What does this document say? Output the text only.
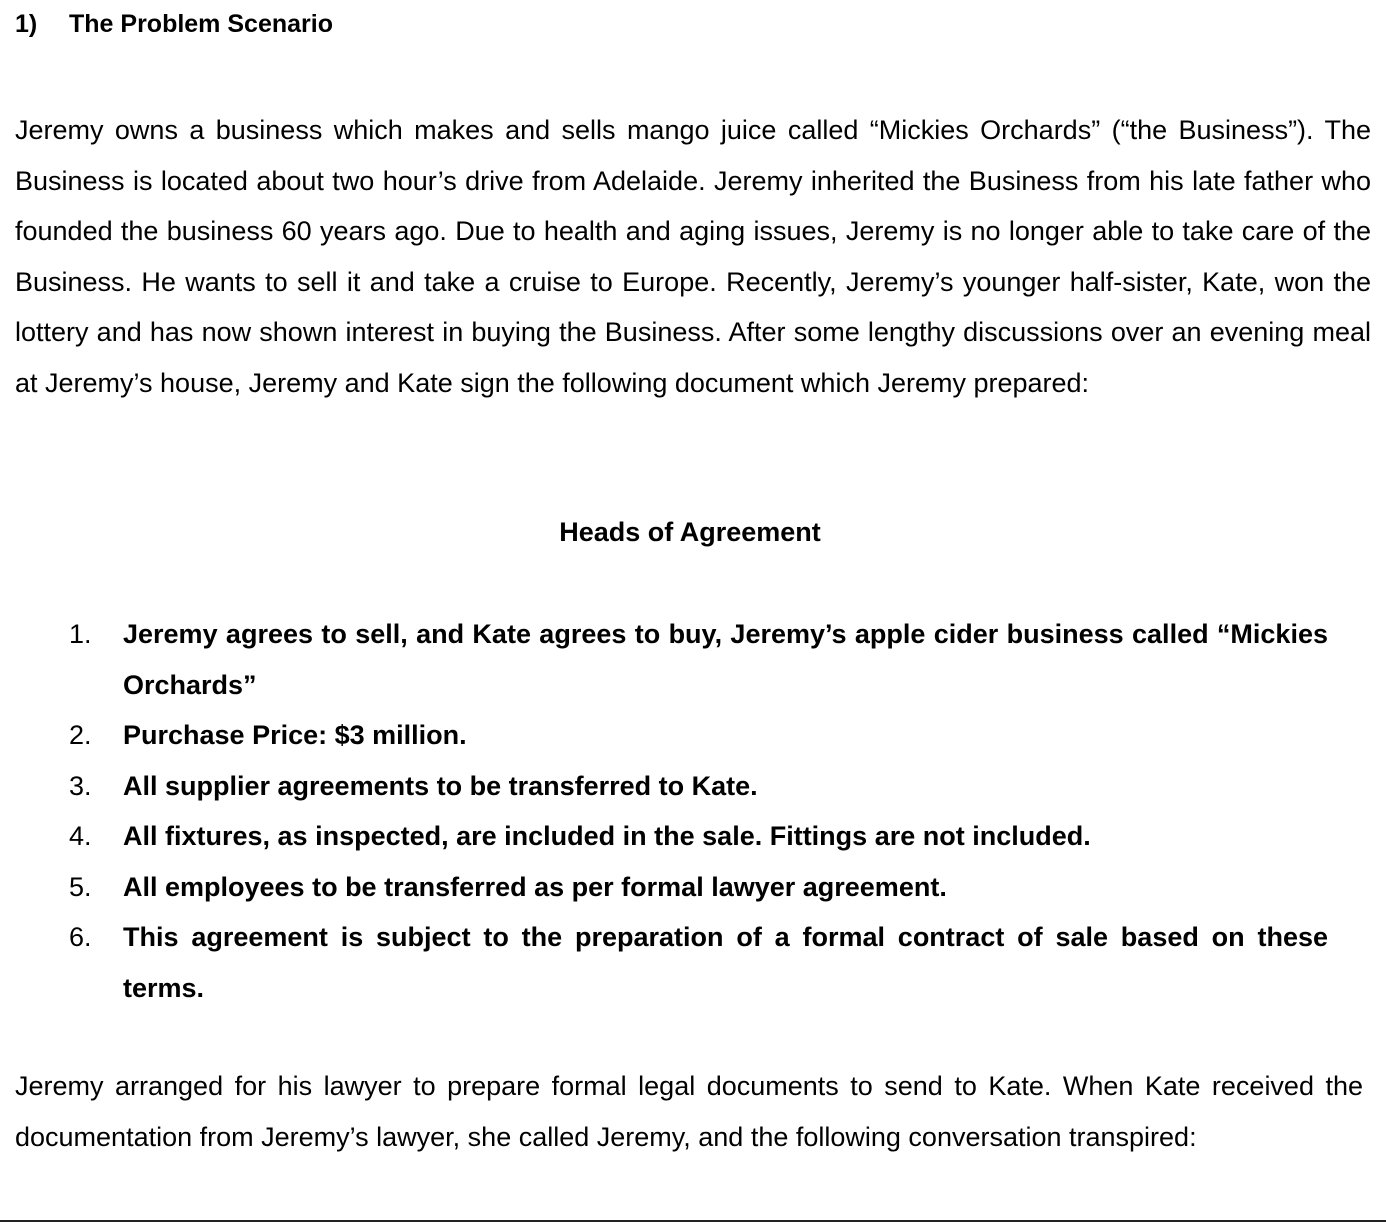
1) The Problem Scenario

Jeremy owns a business which makes and sells mango juice called “Mickies Orchards” (“the Business”). The Business is located about two hour’s drive from Adelaide. Jeremy inherited the Business from his late father who founded the business 60 years ago. Due to health and aging issues, Jeremy is no longer able to take care of the Business. He wants to sell it and take a cruise to Europe. Recently, Jeremy’s younger half-sister, Kate, won the lottery and has now shown interest in buying the Business. After some lengthy discussions over an evening meal at Jeremy’s house, Jeremy and Kate sign the following document which Jeremy prepared:

Heads of Agreement
1. Jeremy agrees to sell, and Kate agrees to buy, Jeremy’s apple cider business called “Mickies Orchards”
2. Purchase Price: $3 million.
3. All supplier agreements to be transferred to Kate.
4. All fixtures, as inspected, are included in the sale. Fittings are not included.
5. All employees to be transferred as per formal lawyer agreement.
6. This agreement is subject to the preparation of a formal contract of sale based on these terms.

Jeremy arranged for his lawyer to prepare formal legal documents to send to Kate. When Kate received the documentation from Jeremy’s lawyer, she called Jeremy, and the following conversation transpired:
